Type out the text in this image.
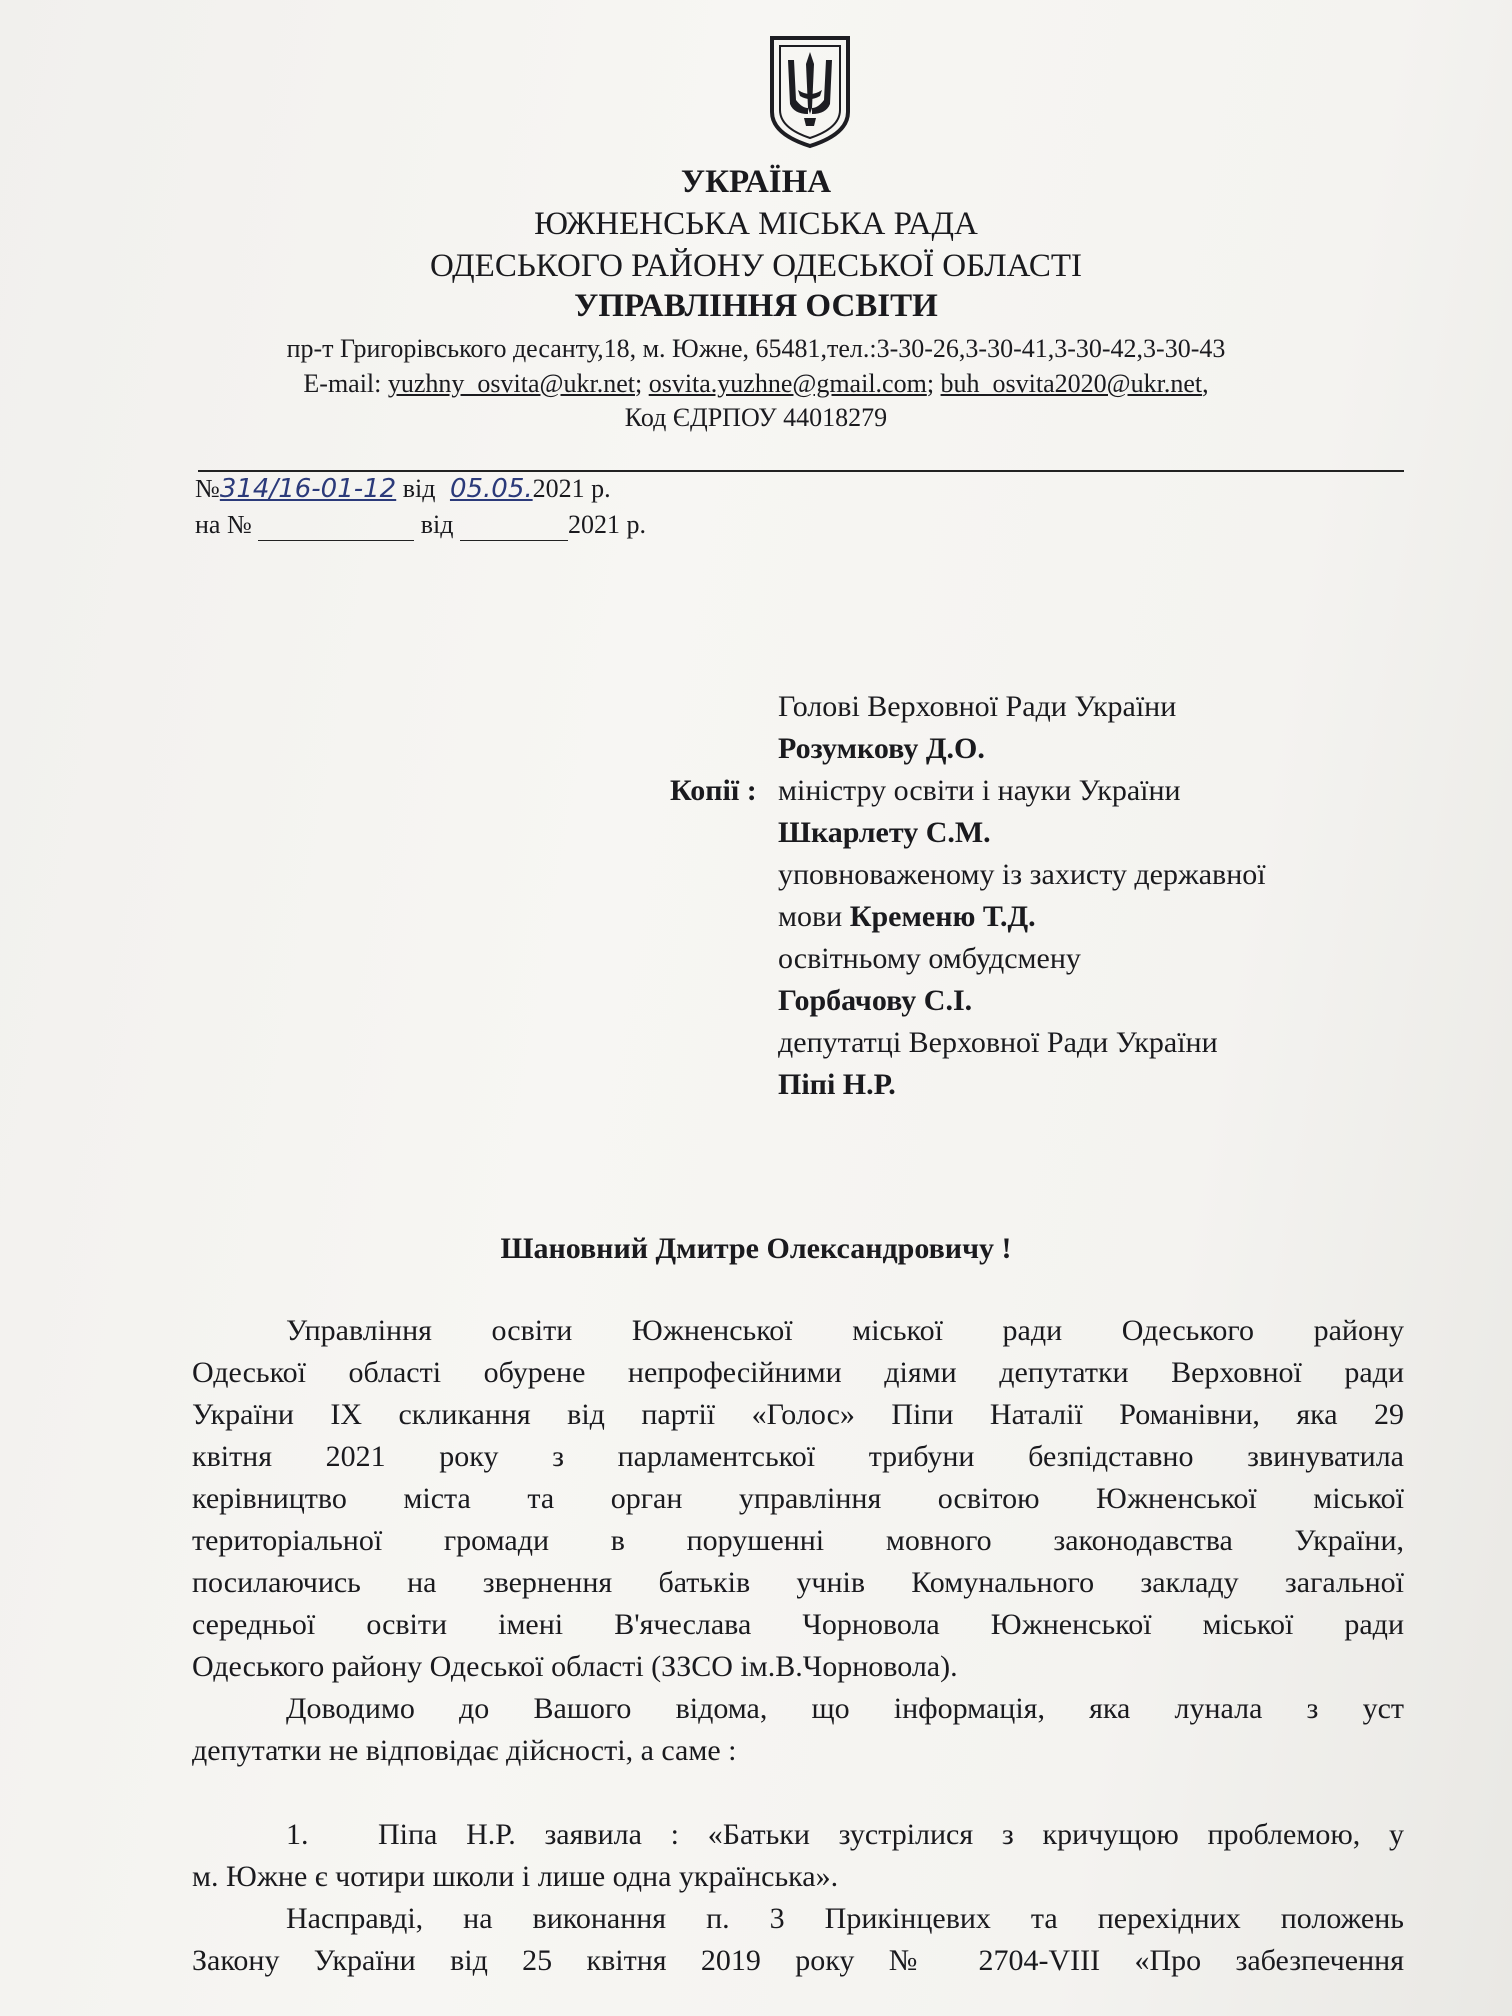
УКРАЇНА
ЮЖНЕНСЬКА МІСЬКА РАДА
ОДЕСЬКОГО РАЙОНУ ОДЕСЬКОЇ ОБЛАСТІ
УПРАВЛІННЯ ОСВІТИ
пр-т Григорівського десанту,18, м. Южне, 65481,тел.:3-30-26,3-30-41,3-30-42,3-30-43
E-mail: yuzhny_osvita@ukr.net; osvita.yuzhne@gmail.com; buh_osvita2020@ukr.net,
Код ЄДРПОУ 44018279
№314/16-01-12 від 05.05.2021 р.
на №	від	2021 р.
Голові Верховної Ради України
Розумкову Д.О.
Копії : міністру освіти і науки України
Шкарлету С.М.
уповноваженому із захисту державної
мови Кременю Т.Д.
освітньому омбудсмену
Горбачову С.І.
депутатці Верховної Ради України
Піпі Н.Р.
Шановний Дмитре Олександровичу !
Управління освіти Южненської міської ради Одеського району
Одеської області обурене непрофесійними діями депутатки Верховної ради
України IX скликання від партії «Голос» Піпи Наталії Романівни, яка 29
квітня 2021 року з парламентської трибуни безпідставно звинуватила
керівництво міста та орган управління освітою Южненської міської
територіальної громади в порушенні мовного законодавства України,
посилаючись на звернення батьків учнів Комунального закладу загальної
середньої освіти імені В'ячеслава Чорновола Южненської міської ради
Одеського району Одеської області (ЗЗСО ім.В.Чорновола).
Доводимо до Вашого відома, що інформація, яка лунала з уст
депутатки не відповідає дійсності, а саме :
1. Піпа Н.Р. заявила : «Батьки зустрілися з кричущою проблемою, у
м. Южне є чотири школи і лише одна українська».
Насправді, на виконання п. 3 Прикінцевих та перехідних положень
Закону України від 25 квітня 2019 року № 2704-VIII «Про забезпечення
